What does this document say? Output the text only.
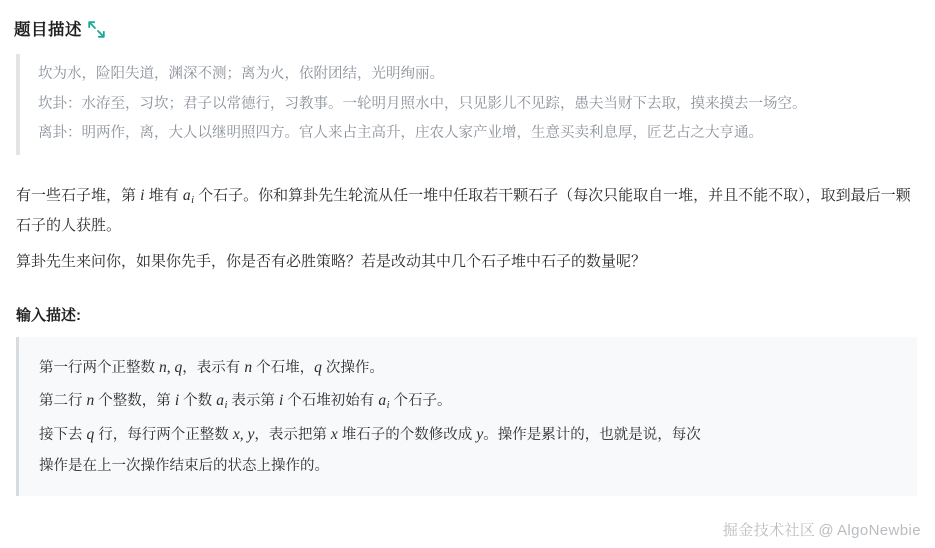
题目描述

坎为水，险阳失道，渊深不测；离为火，依附团结，光明绚丽。

坎卦：水洊至，习坎；君子以常德行，习教事。一轮明月照水中，只见影儿不见踪，愚夫当财下去取，摸来摸去一场空。

离卦：明两作，离，大人以继明照四方。官人来占主高升，庄农人家产业增，生意买卖利息厚，匠艺占之大亨通。

有一些石子堆，第 i 堆有 $a_i$ 个石子。你和算卦先生轮流从任一堆中任取若干颗石子（每次只能取自一堆，并且不能不取），取到最后一颗石子的人获胜。

算卦先生来问你，如果你先手，你是否有必胜策略？若是改动其中几个石子堆中石子的数量呢？

输入描述:

第一行两个正整数 n, q，表示有 n 个石堆，q 次操作。

第二行 n 个整数，第 i 个数 $a_i$ 表示第 i 个石堆初始有 $a_i$ 个石子。

接下去 q 行，每行两个正整数 x, y，表示把第 x 堆石子的个数修改成 y。操作是累计的，也就是说，每次

操作是在上一次操作结束后的状态上操作的。

掘金技术社区 @ AlgoNewbie
